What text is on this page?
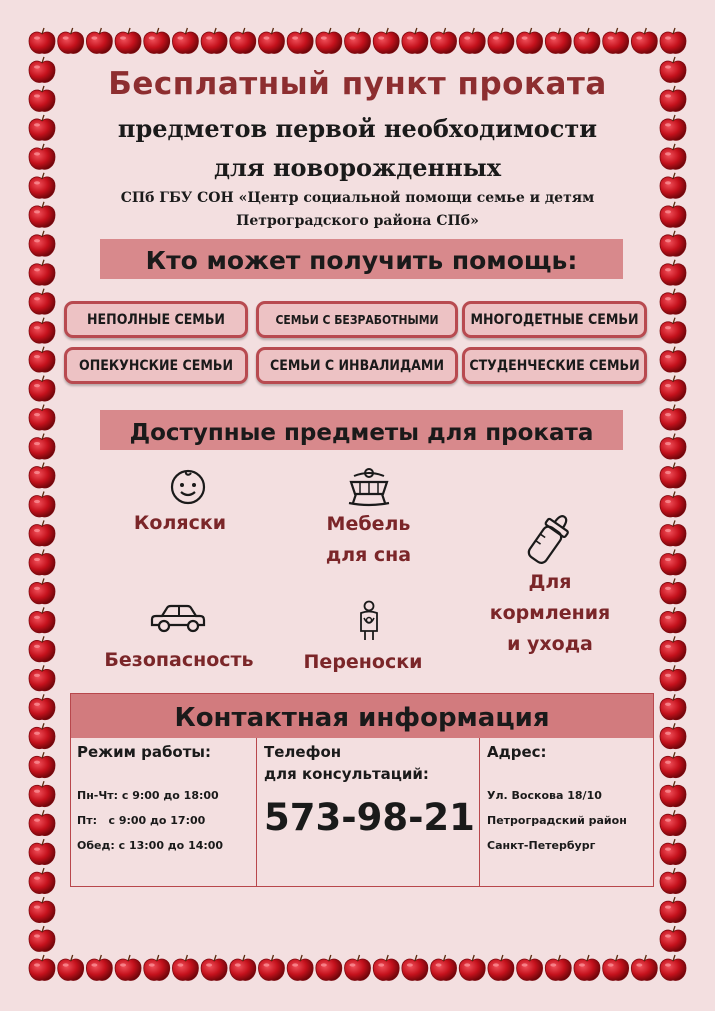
Бесплатный пункт проката
предметов первой необходимости
для новорожденных
СПб ГБУ СОН «Центр социальной помощи семье и детям
Петроградского района СПб»
Кто может получить помощь:
НЕПОЛНЫЕ СЕМЬИ	СЕМЬИ С БЕЗРАБОТНЫМИ	МНОГОДЕТНЫЕ СЕМЬИ
ОПЕКУНСКИЕ СЕМЬИ	СЕМЬИ С ИНВАЛИДАМИ	СТУДЕНЧЕСКИЕ СЕМЬИ
Доступные предметы для проката
Коляски	Мебель
для сна
Для
кормления
и ухода
Безопасность	Переноски
Контактная информация
Режим работы:
Пн-Чт: с 9:00 до 18:00
Пт:   с 9:00 до 17:00
Обед: с 13:00 до 14:00
Телефон
для консультаций:
573-98-21
Адрес:
Ул. Воскова 18/10
Петроградский район
Санкт-Петербург
